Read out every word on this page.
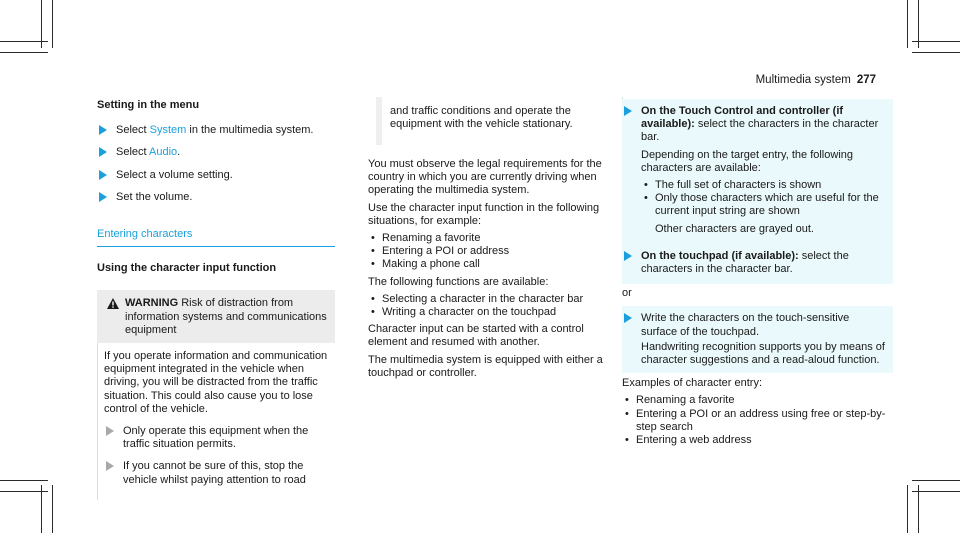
Multimedia system 277

Setting in the menu

Select System in the multimedia system.
Select Audio.
Select a volume setting.
Set the volume.

Entering characters

Using the character input function

WARNING Risk of distraction from information systems and communications equipment

If you operate information and communication equipment integrated in the vehicle when driving, you will be distracted from the traffic situation. This could also cause you to lose control of the vehicle.

Only operate this equipment when the traffic situation permits.
If you cannot be sure of this, stop the vehicle whilst paying attention to road

and traffic conditions and operate the equipment with the vehicle stationary.

You must observe the legal requirements for the country in which you are currently driving when operating the multimedia system.

Use the character input function in the following situations, for example:

• Renaming a favorite
• Entering a POI or address
• Making a phone call

The following functions are available:

• Selecting a character in the character bar
• Writing a character on the touchpad

Character input can be started with a control element and resumed with another.

The multimedia system is equipped with either a touchpad or controller.

On the Touch Control and controller (if available): select the characters in the character bar.

Depending on the target entry, the following characters are available:

• The full set of characters is shown
• Only those characters which are useful for the current input string are shown

Other characters are grayed out.

On the touchpad (if available): select the characters in the character bar.

or

Write the characters on the touch-sensitive surface of the touchpad.

Handwriting recognition supports you by means of character suggestions and a read-aloud function.

Examples of character entry:

• Renaming a favorite
• Entering a POI or an address using free or step-by-step search
• Entering a web address
